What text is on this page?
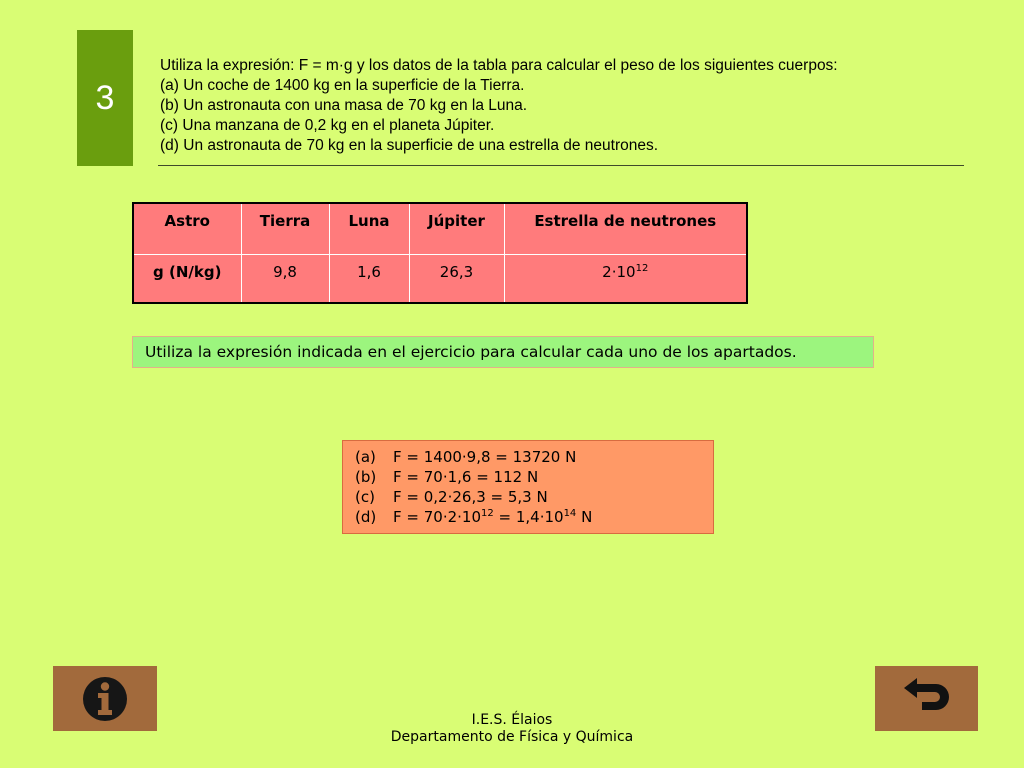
3
Utiliza la expresión: F = m·g y los datos de la tabla para calcular el peso de los siguientes cuerpos:
(a) Un coche de 1400 kg en la superficie de la Tierra.
(b) Un astronauta con una masa de 70 kg en la Luna.
(c) Una manzana de 0,2 kg en el planeta Júpiter.
(d) Un astronauta de 70 kg en la superficie de una estrella de neutrones.
Astro	Tierra	Luna	Júpiter	Estrella de neutrones
g (N/kg)	9,8	1,6	26,3	$2\cdot 10^{12}$
Utiliza la expresión indicada en el ejercicio para calcular cada uno de los apartados.
(a) F = 1400·9,8 = 13720 N
(b) F = 70·1,6 = 112 N
(c) F = 0,2·26,3 = 5,3 N
(d) $F = 70\cdot 2\cdot 10^{12} = 1,4\cdot 10^{14}$ N
I.E.S. Élaios
Departamento de Física y Química
